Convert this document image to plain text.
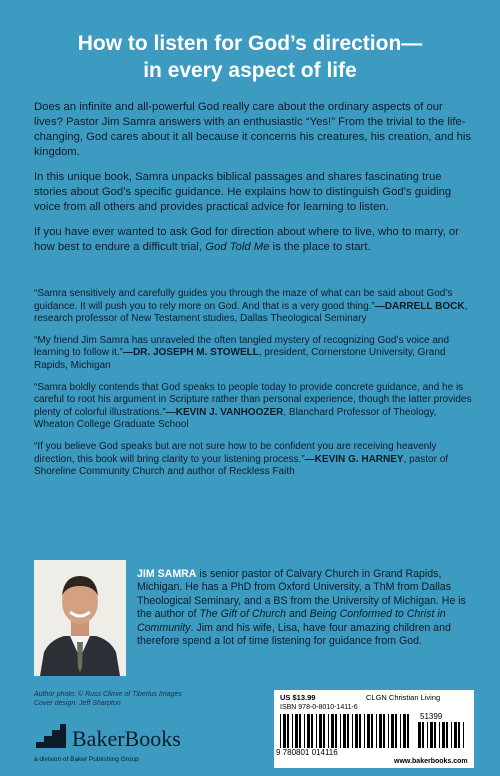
How to listen for God’s direction—
in every aspect of life

Does an infinite and all-powerful God really care about the ordinary aspects of our lives? Pastor Jim Samra answers with an enthusiastic “Yes!” From the trivial to the life-changing, God cares about it all because it concerns his creatures, his creation, and his kingdom.

In this unique book, Samra unpacks biblical passages and shares fascinating true stories about God’s specific guidance. He explains how to distinguish God’s guiding voice from all others and provides practical advice for learning to listen.

If you have ever wanted to ask God for direction about where to live, who to marry, or how best to endure a difficult trial, God Told Me is the place to start.

“Samra sensitively and carefully guides you through the maze of what can be said about God’s guidance. It will push you to rely more on God. And that is a very good thing.”—DARRELL BOCK, research professor of New Testament studies, Dallas Theological Seminary

“My friend Jim Samra has unraveled the often tangled mystery of recognizing God’s voice and learning to follow it.”—DR. JOSEPH M. STOWELL, president, Cornerstone University, Grand Rapids, Michigan

“Samra boldly contends that God speaks to people today to provide concrete guidance, and he is careful to root his argument in Scripture rather than personal experience, though the latter provides plenty of colorful illustrations.”—KEVIN J. VANHOOZER, Blanchard Professor of Theology, Wheaton College Graduate School

“If you believe God speaks but are not sure how to be confident you are receiving heavenly direction, this book will bring clarity to your listening process.”—KEVIN G. HARNEY, pastor of Shoreline Community Church and author of Reckless Faith

JIM SAMRA is senior pastor of Calvary Church in Grand Rapids, Michigan. He has a PhD from Oxford University, a ThM from Dallas Theological Seminary, and a BS from the University of Michigan. He is the author of The Gift of Church and Being Conformed to Christ in Community. Jim and his wife, Lisa, have four amazing children and therefore spend a lot of time listening for guidance from God.
Author photo: © Russ Climie of Tiberius Images
Cover design: Jeff Sharpton
BakerBooks
a division of Baker Publishing Group
US $13.99	CLGN Christian Living
ISBN 978-0-8010-1411-6
9 780801 014116
51399
www.bakerbooks.com
